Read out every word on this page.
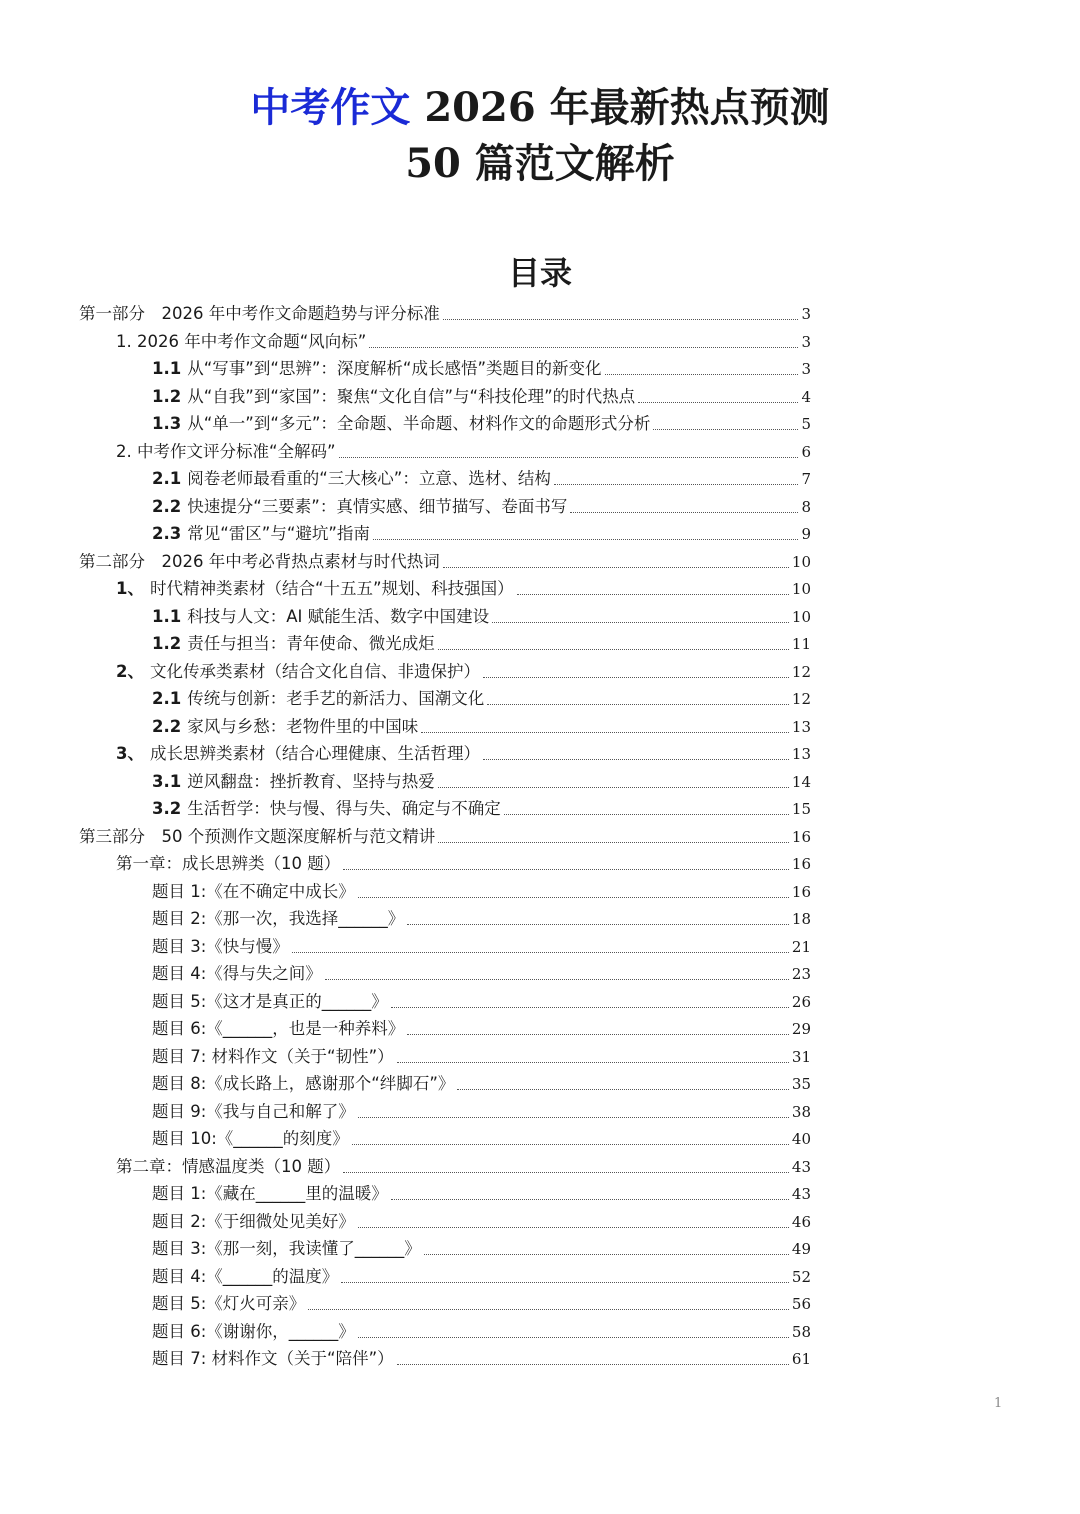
中考作文 2026 年最新热点预测
50 篇范文解析
目录
第一部分　2026 年中考作文命题趋势与评分标准	3
1. 2026 年中考作文命题“风向标”	3
1.1 从“写事”到“思辨”：深度解析“成长感悟”类题目的新变化	3
1.2 从“自我”到“家国”：聚焦“文化自信”与“科技伦理”的时代热点	4
1.3 从“单一”到“多元”：全命题、半命题、材料作文的命题形式分析	5
2. 中考作文评分标准“全解码”	6
2.1 阅卷老师最看重的“三大核心”：立意、选材、结构	7
2.2 快速提分“三要素”：真情实感、细节描写、卷面书写	8
2.3 常见“雷区”与“避坑”指南	9
第二部分　2026 年中考必背热点素材与时代热词	10
1、 时代精神类素材（结合“十五五”规划、科技强国）	10
1.1 科技与人文：AI 赋能生活、数字中国建设	10
1.2 责任与担当：青年使命、微光成炬	11
2、 文化传承类素材（结合文化自信、非遗保护）	12
2.1 传统与创新：老手艺的新活力、国潮文化	12
2.2 家风与乡愁：老物件里的中国味	13
3、 成长思辨类素材（结合心理健康、生活哲理）	13
3.1 逆风翻盘：挫折教育、坚持与热爱	14
3.2 生活哲学：快与慢、得与失、确定与不确定	15
第三部分　50 个预测作文题深度解析与范文精讲	16
第一章：成长思辨类（10 题）	16
题目 1:《在不确定中成长》	16
题目 2:《那一次，我选择______》	18
题目 3:《快与慢》	21
题目 4:《得与失之间》	23
题目 5:《这才是真正的______》	26
题目 6:《______，也是一种养料》	29
题目 7: 材料作文（关于“韧性”）	31
题目 8:《成长路上，感谢那个“绊脚石”》	35
题目 9:《我与自己和解了》	38
题目 10:《______的刻度》	40
第二章：情感温度类（10 题）	43
题目 1:《藏在______里的温暖》	43
题目 2:《于细微处见美好》	46
题目 3:《那一刻，我读懂了______》	49
题目 4:《______的温度》	52
题目 5:《灯火可亲》	56
题目 6:《谢谢你，______》	58
题目 7: 材料作文（关于“陪伴”）	61
1
